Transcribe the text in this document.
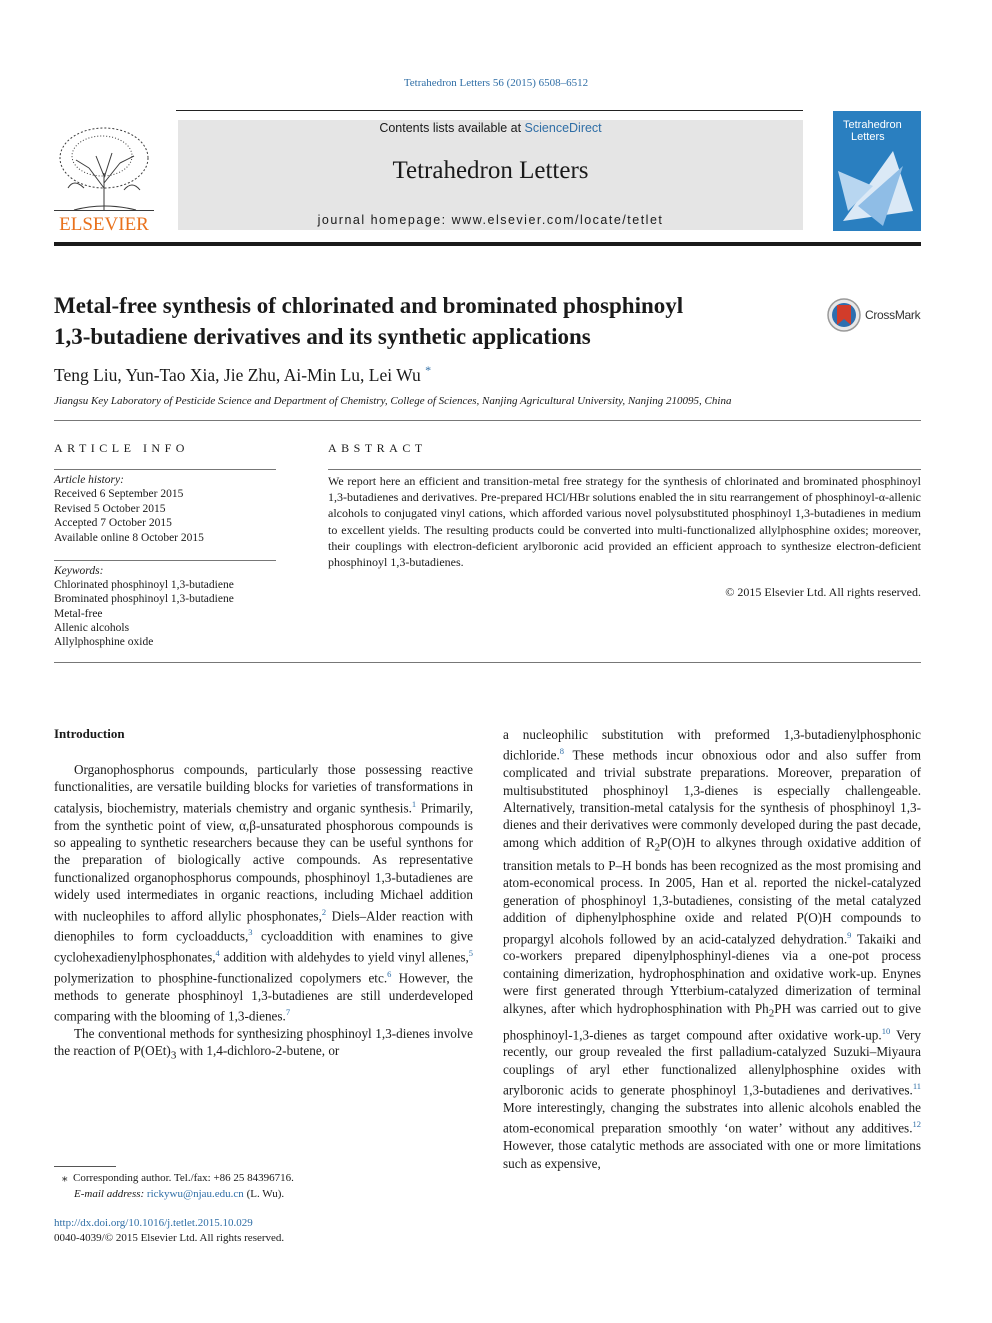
Tetrahedron Letters 56 (2015) 6508–6512
ELSEVIER
Contents lists available at ScienceDirect
Tetrahedron Letters
journal homepage: www.elsevier.com/locate/tetlet
Tetrahedron
Letters
Metal-free synthesis of chlorinated and brominated phosphinoyl
1,3-butadiene derivatives and its synthetic applications
CrossMark
Teng Liu, Yun-Tao Xia, Jie Zhu, Ai-Min Lu, Lei Wu *
Jiangsu Key Laboratory of Pesticide Science and Department of Chemistry, College of Sciences, Nanjing Agricultural University, Nanjing 210095, China
ARTICLE INFO	ABSTRACT
Article history:
Received 6 September 2015
Revised 5 October 2015
Accepted 7 October 2015
Available online 8 October 2015
Keywords:
Chlorinated phosphinoyl 1,3-butadiene
Brominated phosphinoyl 1,3-butadiene
Metal-free
Allenic alcohols
Allylphosphine oxide
We report here an efficient and transition-metal free strategy for the synthesis of chlorinated and brominated phosphinoyl 1,3-butadienes and derivatives. Pre-prepared HCl/HBr solutions enabled the in situ rearrangement of phosphinoyl-α-allenic alcohols to conjugated vinyl cations, which afforded various novel polysubstituted phosphinoyl 1,3-butadienes in medium to excellent yields. The resulting products could be converted into multi-functionalized allylphosphine oxides; moreover, their couplings with electron-deficient arylboronic acid provided an efficient approach to synthesize electron-deficient phosphinoyl 1,3-butadienes.
© 2015 Elsevier Ltd. All rights reserved.
Introduction

Organophosphorus compounds, particularly those possessing reactive functionalities, are versatile building blocks for varieties of transformations in catalysis, biochemistry, materials chemistry and organic synthesis.$^1$ Primarily, from the synthetic point of view, α,β-unsaturated phosphorous compounds is so appealing to synthetic researchers because they can be useful synthons for the preparation of biologically active compounds. As representative functionalized organophosphorus compounds, phosphinoyl 1,3-butadienes are widely used intermediates in organic reactions, including Michael addition with nucleophiles to afford allylic phosphonates,$^2$ Diels–Alder reaction with dienophiles to form cycloadducts,$^3$ cycloaddition with enamines to give cyclohexadienylphosphonates,$^4$ addition with aldehydes to yield vinyl allenes,$^5$ polymerization to phosphine-functionalized copolymers etc.$^6$ However, the methods to generate phosphinoyl 1,3-butadienes are still underdeveloped comparing with the blooming of 1,3-dienes.$^7$

The conventional methods for synthesizing phosphinoyl 1,3-dienes involve the reaction of $P(OEt)_3$ with 1,4-dichloro-2-butene, or

a nucleophilic substitution with preformed 1,3-butadienylphosphonic dichloride.$^8$ These methods incur obnoxious odor and also suffer from complicated and trivial substrate preparations. Moreover, preparation of multisubstituted phosphinoyl 1,3-dienes is especially challengeable. Alternatively, transition-metal catalysis for the synthesis of phosphinoyl 1,3-dienes and their derivatives were commonly developed during the past decade, among which addition of $R_2P(O)H$ to alkynes through oxidative addition of transition metals to P–H bonds has been recognized as the most promising and atom-economical process. In 2005, Han et al. reported the nickel-catalyzed generation of phosphinoyl 1,3-butadienes, consisting of the metal catalyzed addition of diphenylphosphine oxide and related P(O)H compounds to propargyl alcohols followed by an acid-catalyzed dehydration.$^9$ Takaiki and co-workers prepared dipenylphosphinyl-dienes via a one-pot process containing dimerization, hydrophosphination and oxidative work-up. Enynes were first generated through Ytterbium-catalyzed dimerization of terminal alkynes, after which hydrophosphination with $Ph_2PH$ was carried out to give phosphinoyl-1,3-dienes as target compound after oxidative work-up.$^{10}$ Very recently, our group revealed the first palladium-catalyzed Suzuki–Miyaura couplings of aryl ether functionalized allenylphosphine oxides with arylboronic acids to generate phosphinoyl 1,3-butadienes and derivatives.$^{11}$ More interestingly, changing the substrates into allenic alcohols enabled the atom-economical preparation smoothly ‘on water’ without any additives.$^{12}$ However, those catalytic methods are associated with one or more limitations such as expensive,

⁎ Corresponding author. Tel./fax: +86 25 84396716.
E-mail address: rickywu@njau.edu.cn (L. Wu).
http://dx.doi.org/10.1016/j.tetlet.2015.10.029
0040-4039/© 2015 Elsevier Ltd. All rights reserved.
